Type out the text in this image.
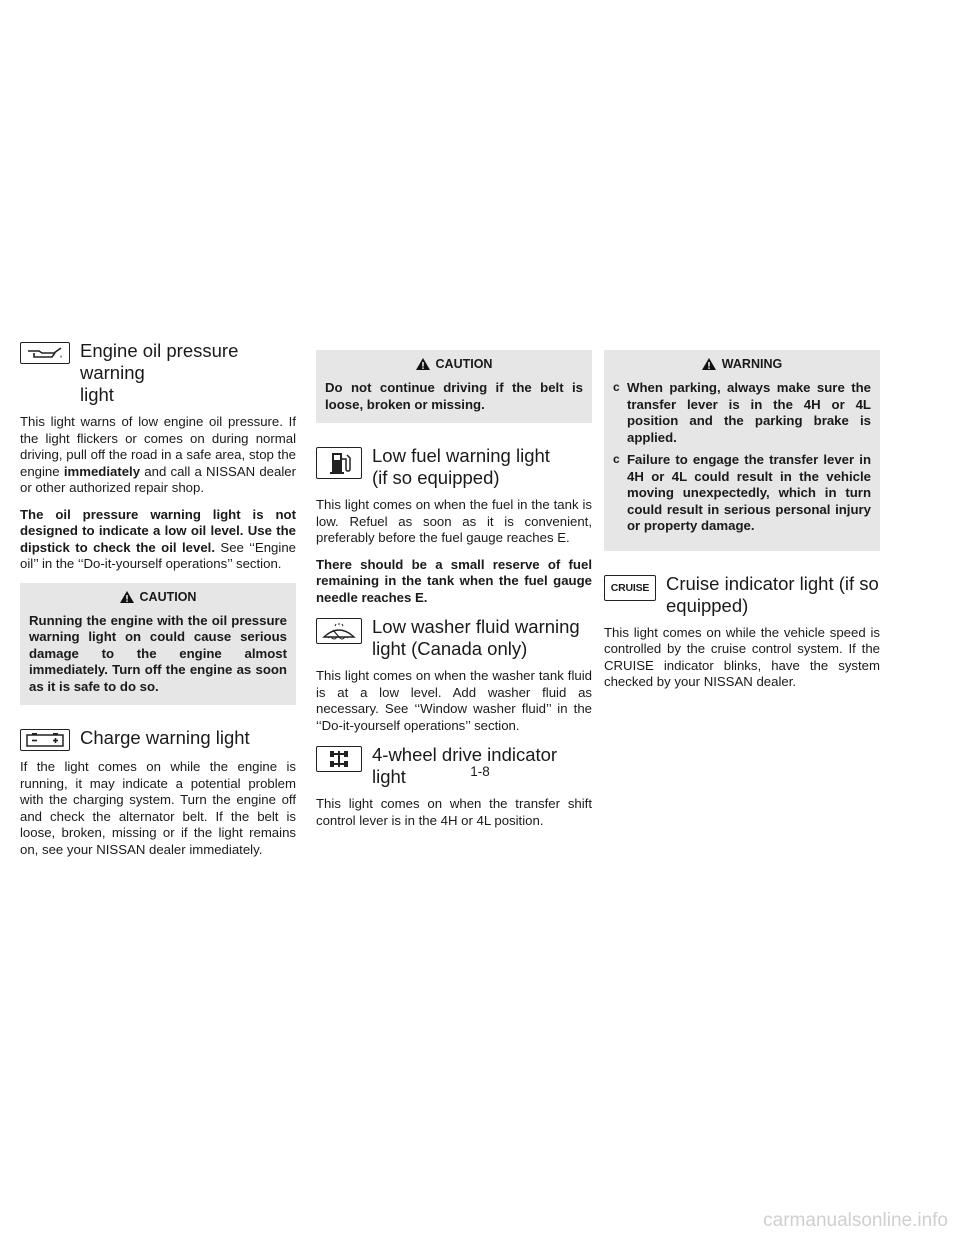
Engine oil pressure warning
light

This light warns of low engine oil pressure. If the light flickers or comes on during normal driving, pull off the road in a safe area, stop the engine immediately and call a NISSAN dealer or other authorized repair shop.

The oil pressure warning light is not designed to indicate a low oil level. Use the dipstick to check the oil level. See ‘‘Engine oil’’ in the ‘‘Do-it-yourself operations’’ section.

CAUTION
Running the engine with the oil pressure warning light on could cause serious damage to the engine almost immediately. Turn off the engine as soon as it is safe to do so.
Charge warning light

If the light comes on while the engine is running, it may indicate a potential problem with the charging system. Turn the engine off and check the alternator belt. If the belt is loose, broken, missing or if the light remains on, see your NISSAN dealer immediately.

CAUTION
Do not continue driving if the belt is loose, broken or missing.
Low fuel warning light
(if so equipped)

This light comes on when the fuel in the tank is low. Refuel as soon as it is convenient, preferably before the fuel gauge reaches E.

There should be a small reserve of fuel remaining in the tank when the fuel gauge needle reaches E.

Low washer fluid warning
light (Canada only)

This light comes on when the washer tank fluid is at a low level. Add washer fluid as necessary. See ‘‘Window washer fluid’’ in the ‘‘Do-it-yourself operations’’ section.

4-wheel drive indicator light

This light comes on when the transfer shift control lever is in the 4H or 4L position.

WARNING
c When parking, always make sure the transfer lever is in the 4H or 4L position and the parking brake is applied.
c Failure to engage the transfer lever in 4H or 4L could result in the vehicle moving unexpectedly, which in turn could result in serious personal injury or property damage.
CRUISE Cruise indicator light (if so
equipped)

This light comes on while the vehicle speed is controlled by the cruise control system. If the CRUISE indicator blinks, have the system checked by your NISSAN dealer.

1-8
carmanualsonline.info
